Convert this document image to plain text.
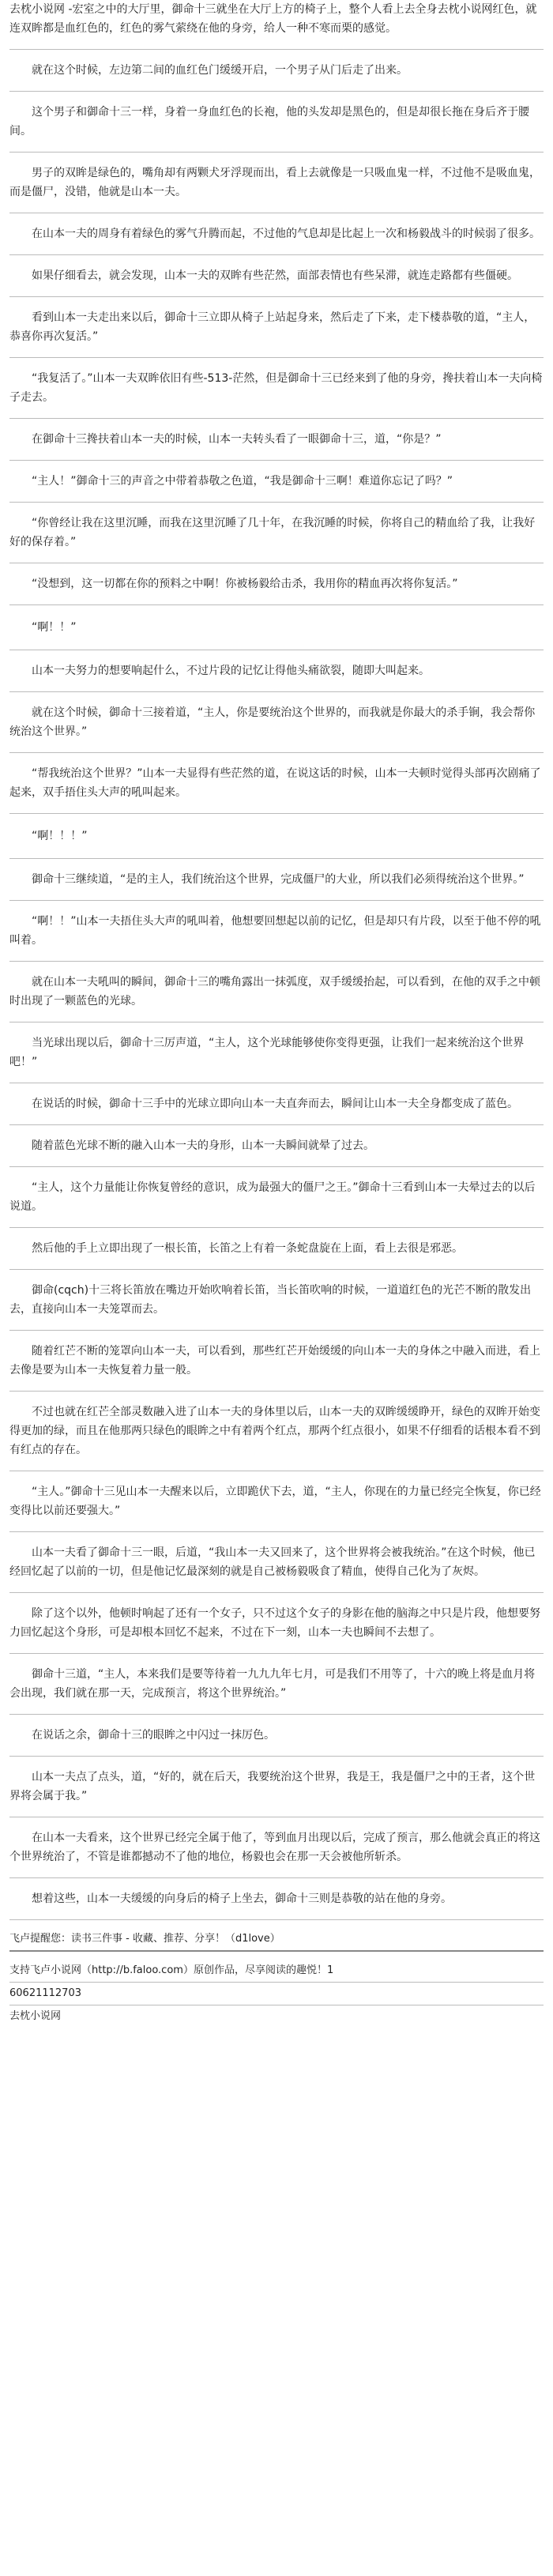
去枕小说网 -宏室之中的大厅里，御命十三就坐在大厅上方的椅子上，整个人看上去全身去枕小说网红色，就连双眸都是血红色的，红色的雾气萦绕在他的身旁，给人一种不寒而栗的感觉。

就在这个时候，左边第二间的血红色门缓缓开启，一个男子从门后走了出来。

这个男子和御命十三一样，身着一身血红色的长袍，他的头发却是黑色的，但是却很长拖在身后齐于腰间。

男子的双眸是绿色的，嘴角却有两颗犬牙浮现而出，看上去就像是一只吸血鬼一样，不过他不是吸血鬼，而是僵尸，没错，他就是山本一夫。

在山本一夫的周身有着绿色的雾气升腾而起，不过他的气息却是比起上一次和杨毅战斗的时候弱了很多。

如果仔细看去，就会发现，山本一夫的双眸有些茫然，面部表情也有些呆滞，就连走路都有些僵硬。

看到山本一夫走出来以后，御命十三立即从椅子上站起身来，然后走了下来，走下楼恭敬的道，“主人，恭喜你再次复活。”

“我复活了。”山本一夫双眸依旧有些-513-茫然，但是御命十三已经来到了他的身旁，搀扶着山本一夫向椅子走去。

在御命十三搀扶着山本一夫的时候，山本一夫转头看了一眼御命十三，道，“你是？”

“主人！”御命十三的声音之中带着恭敬之色道，“我是御命十三啊！难道你忘记了吗？”

“你曾经让我在这里沉睡，而我在这里沉睡了几十年，在我沉睡的时候，你将自己的精血给了我，让我好好的保存着。”

“没想到，这一切都在你的预料之中啊！你被杨毅给击杀，我用你的精血再次将你复活。”

“啊！！”

山本一夫努力的想要响起什么，不过片段的记忆让得他头痛欲裂，随即大叫起来。

就在这个时候，御命十三接着道，“主人，你是要统治这个世界的，而我就是你最大的杀手锏，我会帮你统治这个世界。”

“帮我统治这个世界？”山本一夫显得有些茫然的道，在说这话的时候，山本一夫顿时觉得头部再次剧痛了起来，双手捂住头大声的吼叫起来。

“啊！！！”

御命十三继续道，“是的主人，我们统治这个世界，完成僵尸的大业，所以我们必须得统治这个世界。”

“啊！！”山本一夫捂住头大声的吼叫着，他想要回想起以前的记忆，但是却只有片段，以至于他不停的吼叫着。

就在山本一夫吼叫的瞬间，御命十三的嘴角露出一抹弧度，双手缓缓抬起，可以看到，在他的双手之中顿时出现了一颗蓝色的光球。

当光球出现以后，御命十三厉声道，“主人，这个光球能够使你变得更强，让我们一起来统治这个世界吧！”

在说话的时候，御命十三手中的光球立即向山本一夫直奔而去，瞬间让山本一夫全身都变成了蓝色。

随着蓝色光球不断的融入山本一夫的身形，山本一夫瞬间就晕了过去。

“主人，这个力量能让你恢复曾经的意识，成为最强大的僵尸之王。”御命十三看到山本一夫晕过去的以后说道。

然后他的手上立即出现了一根长笛，长笛之上有着一条蛇盘旋在上面，看上去很是邪恶。

御命(cqch)十三将长笛放在嘴边开始吹响着长笛，当长笛吹响的时候，一道道红色的光芒不断的散发出去，直接向山本一夫笼罩而去。

随着红芒不断的笼罩向山本一夫，可以看到，那些红芒开始缓缓的向山本一夫的身体之中融入而进，看上去像是要为山本一夫恢复着力量一般。

不过也就在红芒全部灵数融入进了山本一夫的身体里以后，山本一夫的双眸缓缓睁开，绿色的双眸开始变得更加的绿，而且在他那两只绿色的眼眸之中有着两个红点，那两个红点很小，如果不仔细看的话根本看不到有红点的存在。

“主人。”御命十三见山本一夫醒来以后，立即跪伏下去，道，“主人，你现在的力量已经完全恢复，你已经变得比以前还要强大。”

山本一夫看了御命十三一眼，后道，“我山本一夫又回来了，这个世界将会被我统治。”在这个时候，他已经回忆起了以前的一切，但是他记忆最深刻的就是自己被杨毅吸食了精血，使得自己化为了灰烬。

除了这个以外，他顿时响起了还有一个女子，只不过这个女子的身影在他的脑海之中只是片段，他想要努力回忆起这个身形，可是却根本回忆不起来，不过在下一刻，山本一夫也瞬间不去想了。

御命十三道，“主人，本来我们是要等待着一九九九年七月，可是我们不用等了，十六的晚上将是血月将会出现，我们就在那一天，完成预言，将这个世界统治。”

在说话之余，御命十三的眼眸之中闪过一抹厉色。

山本一夫点了点头，道，“好的，就在后天，我要统治这个世界，我是王，我是僵尸之中的王者，这个世界将会属于我。”

在山本一夫看来，这个世界已经完全属于他了，等到血月出现以后，完成了预言，那么他就会真正的将这个世界统治了，不管是谁都撼动不了他的地位，杨毅也会在那一天会被他所斩杀。

想着这些，山本一夫缓缓的向身后的椅子上坐去，御命十三则是恭敬的站在他的身旁。

飞卢提醒您：读书三件事 - 收藏、推荐、分享！（d1love）

支持飞卢小说网（http://b.faloo.com）原创作品，尽享阅读的趣悦！1

60621112703

去枕小说网
